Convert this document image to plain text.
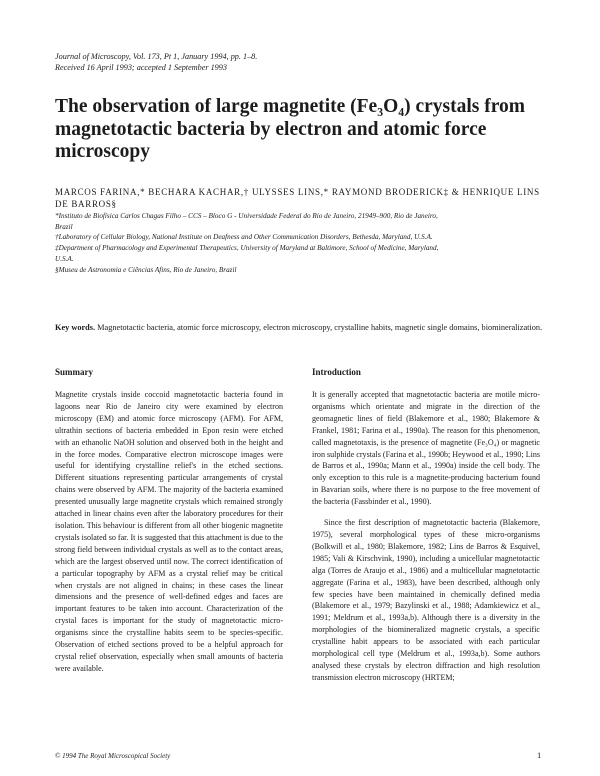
Journal of Microscopy, Vol. 173, Pt 1, January 1994, pp. 1–8.
Received 16 April 1993; accepted 1 September 1993
The observation of large magnetite (Fe₃O₄) crystals from magnetotactic bacteria by electron and atomic force microscopy
MARCOS FARINA,* BECHARA KACHAR,† ULYSSES LINS,* RAYMOND BRODERICK‡ & HENRIQUE LINS DE BARROS§
*Instituto de Biofísica Carlos Chagas Filho – CCS – Bloco G - Universidade Federal do Rio de Janeiro, 21949–900, Rio de Janeiro, Brazil
†Laboratory of Cellular Biology, National Institute on Deafness and Other Communication Disorders, Bethesda, Maryland, U.S.A.
‡Department of Pharmacology and Experimental Therapeutics, University of Maryland at Baltimore, School of Medicine, Maryland, U.S.A.
§Museu de Astronomia e Ciências Afins, Rio de Janeiro, Brazil
Key words. Magnetotactic bacteria, atomic force microscopy, electron microscopy, crystalline habits, magnetic single domains, biomineralization.
Summary

Magnetite crystals inside coccoid magnetotactic bacteria found in lagoons near Rio de Janeiro city were examined by electron microscopy (EM) and atomic force microscopy (AFM). For AFM, ultrathin sections of bacteria embedded in Epon resin were etched with an ethanolic NaOH solution and observed both in the height and in the force modes. Comparative electron microscope images were useful for identifying crystalline relief's in the etched sections. Different situations representing particular arrangements of crystal chains were observed by AFM. The majority of the bacteria examined presented unusually large magnetite crystals which remained strongly attached in linear chains even after the laboratory procedures for their isolation. This behaviour is different from all other biogenic magnetite crystals isolated so far. It is suggested that this attachment is due to the strong field between individual crystals as well as to the contact areas, which are the largest observed until now. The correct identification of a particular topography by AFM as a crystal relief may be critical when crystals are not aligned in chains; in these cases the linear dimensions and the presence of well-defined edges and faces are important features to be taken into account. Characterization of the crystal faces is important for the study of magnetotactic micro-organisms since the crystalline habits seem to be species-specific. Observation of etched sections proved to be a helpful approach for crystal relief observation, especially when small amounts of bacteria were available.

Introduction

It is generally accepted that magnetotactic bacteria are motile micro-organisms which orientate and migrate in the direction of the geomagnetic lines of field (Blakemore et al., 1980; Blakemore & Frankel, 1981; Farina et al., 1990a). The reason for this phenomenon, called magnetotaxis, is the presence of magnetite (Fe₃O₄) or magnetic iron sulphide crystals (Farina et al., 1990b; Heywood et al., 1990; Lins de Barros et al., 1990a; Mann et al., 1990a) inside the cell body. The only exception to this rule is a magnetite-producing bacterium found in Bavarian soils, where there is no purpose to the free movement of the bacteria (Fassbinder et al., 1990).

Since the first description of magnetotactic bacteria (Blakemore, 1975), several morphological types of these micro-organisms (Bolkwill et al., 1980; Blakemore, 1982; Lins de Barros & Esquivel, 1985; Vali & Kirschvink, 1990), including a unicellular magnetotactic alga (Torres de Araujo et al., 1986) and a multicellular magnetotactic aggregate (Farina et al., 1983), have been described, although only few species have been maintained in chemically defined media (Blakemore et al., 1979; Bazylinski et al., 1988; Adamkiewicz et al., 1991; Meldrum et al., 1993a,b). Although there is a diversity in the morphologies of the biomineralized magnetic crystals, a specific crystalline habit appears to be associated with each particular morphological cell type (Meldrum et al., 1993a,b). Some authors analysed these crystals by electron diffraction and high resolution transmission electron microscopy (HRTEM;

© 1994 The Royal Microscopical Society	1
